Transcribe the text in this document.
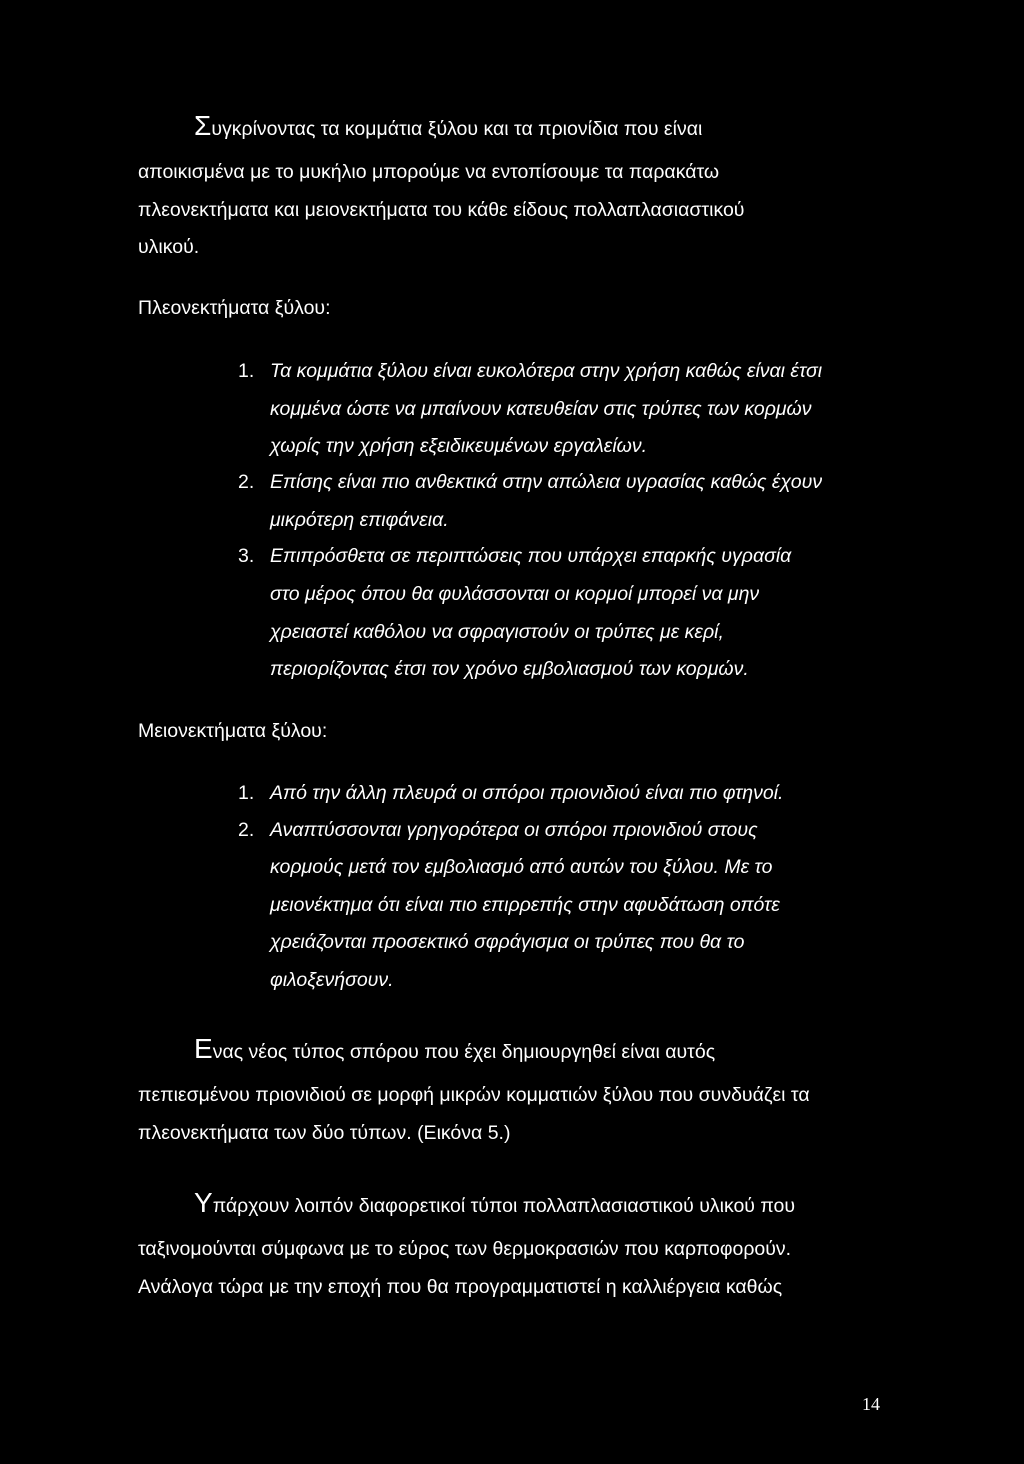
Συγκρίνοντας τα κομμάτια ξύλου και τα πριονίδια που είναι
αποικισμένα με το μυκήλιο μπορούμε να εντοπίσουμε τα παρακάτω
πλεονεκτήματα και μειονεκτήματα του κάθε είδους πολλαπλασιαστικού
υλικού.
Πλεονεκτήματα ξύλου:
1. Τα κομμάτια ξύλου είναι ευκολότερα στην χρήση καθώς είναι έτσι
κομμένα ώστε να μπαίνουν κατευθείαν στις τρύπες των κορμών
χωρίς την χρήση εξειδικευμένων εργαλείων.
2. Επίσης είναι πιο ανθεκτικά στην απώλεια υγρασίας καθώς έχουν
μικρότερη επιφάνεια.
3. Επιπρόσθετα σε περιπτώσεις που υπάρχει επαρκής υγρασία
στο μέρος όπου θα φυλάσσονται οι κορμοί μπορεί να μην
χρειαστεί καθόλου να σφραγιστούν οι τρύπες με κερί,
περιορίζοντας έτσι τον χρόνο εμβολιασμού των κορμών.
Μειονεκτήματα ξύλου:
1. Από την άλλη πλευρά οι σπόροι πριονιδιού είναι πιο φτηνοί.
2. Αναπτύσσονται γρηγορότερα οι σπόροι πριονιδιού στους
κορμούς μετά τον εμβολιασμό από αυτών του ξύλου. Με το
μειονέκτημα ότι είναι πιο επιρρεπής στην αφυδάτωση οπότε
χρειάζονται προσεκτικό σφράγισμα οι τρύπες που θα το
φιλοξενήσουν.
Ενας νέος τύπος σπόρου που έχει δημιουργηθεί είναι αυτός
πεπιεσμένου πριονιδιού σε μορφή μικρών κομματιών ξύλου που συνδυάζει τα
πλεονεκτήματα των δύο τύπων. (Εικόνα 5.)
Υπάρχουν λοιπόν διαφορετικοί τύποι πολλαπλασιαστικού υλικού που
ταξινομούνται σύμφωνα με το εύρος των θερμοκρασιών που καρποφορούν.
Ανάλογα τώρα με την εποχή που θα προγραμματιστεί η καλλιέργεια καθώς
14
